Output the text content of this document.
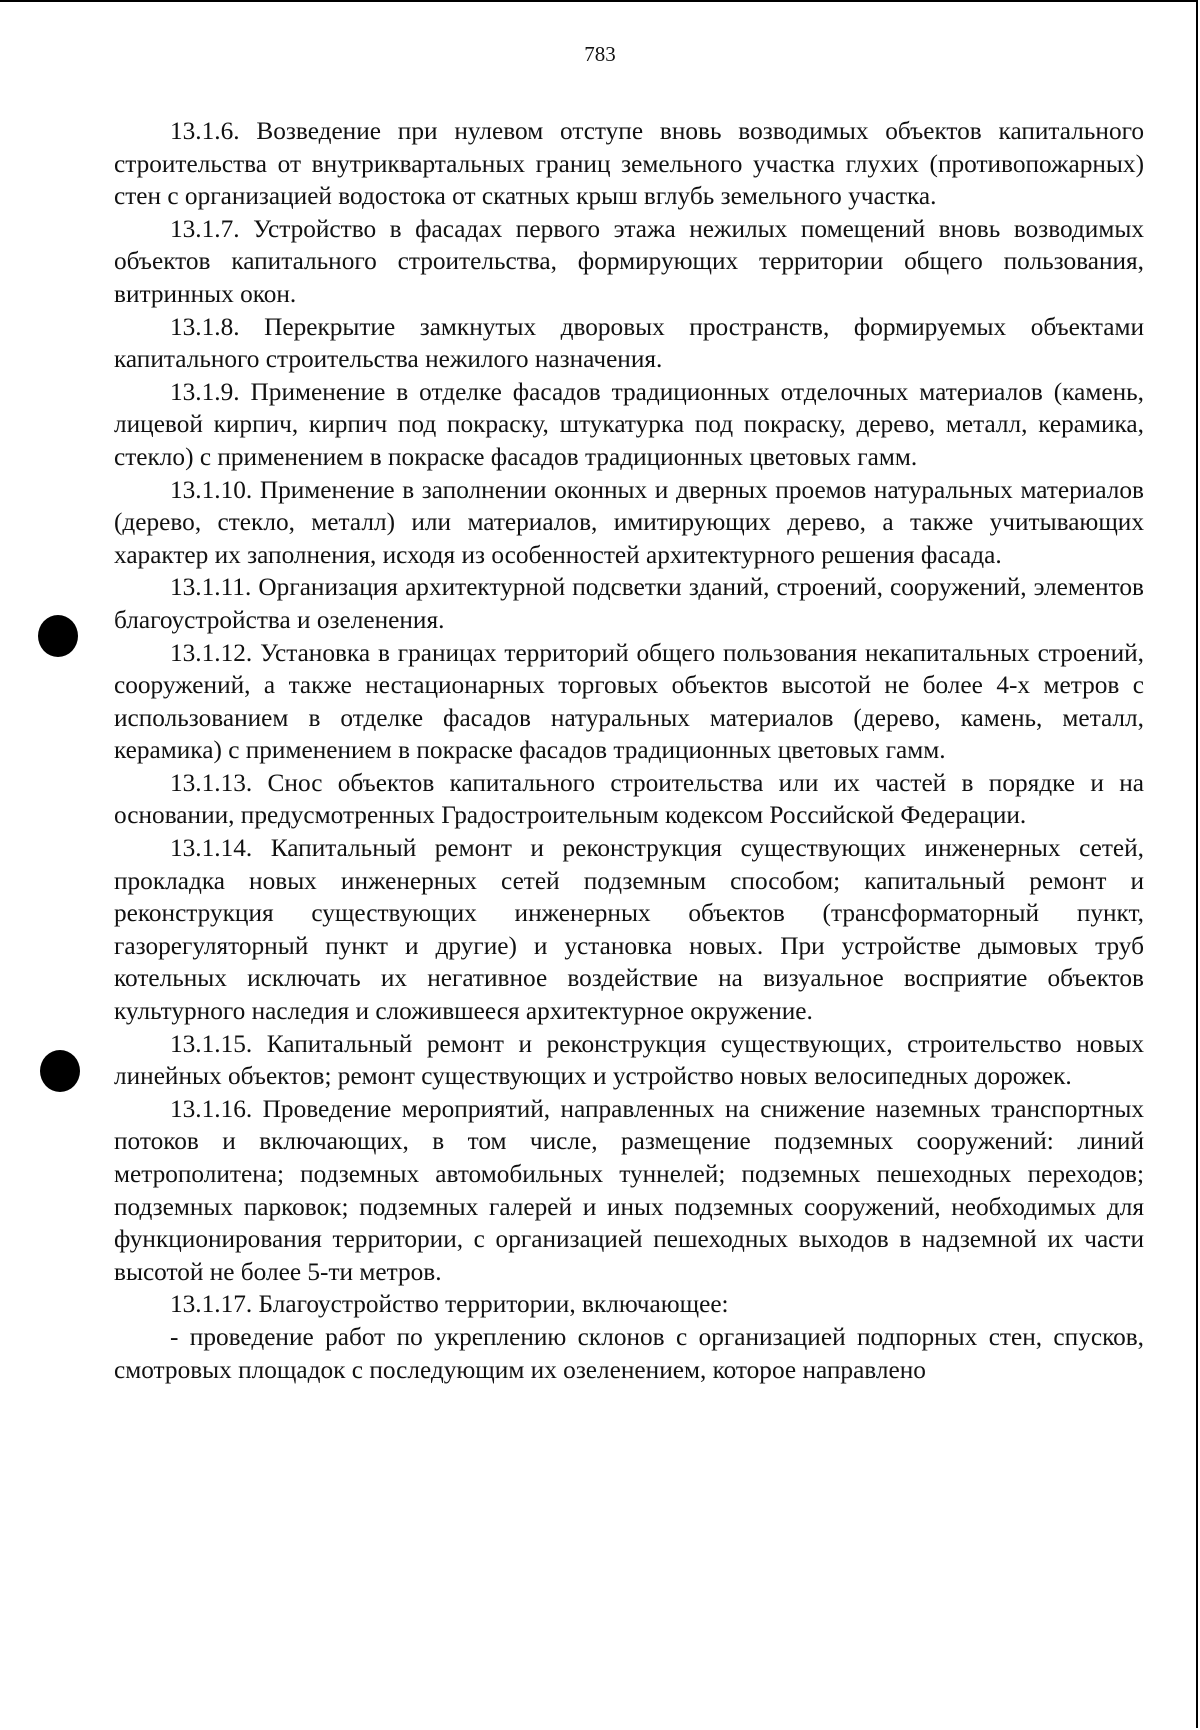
783

13.1.6. Возведение при нулевом отступе вновь возводимых объектов капитального строительства от внутриквартальных границ земельного участка глухих (противопожарных) стен с организацией водостока от скатных крыш вглубь земельного участка.

13.1.7. Устройство в фасадах первого этажа нежилых помещений вновь возводимых объектов капитального строительства, формирующих территории общего пользования, витринных окон.

13.1.8. Перекрытие замкнутых дворовых пространств, формируемых объектами капитального строительства нежилого назначения.

13.1.9. Применение в отделке фасадов традиционных отделочных материалов (камень, лицевой кирпич, кирпич под покраску, штукатурка под покраску, дерево, металл, керамика, стекло) с применением в покраске фасадов традиционных цветовых гамм.

13.1.10. Применение в заполнении оконных и дверных проемов натуральных материалов (дерево, стекло, металл) или материалов, имитирующих дерево, а также учитывающих характер их заполнения, исходя из особенностей архитектурного решения фасада.

13.1.11. Организация архитектурной подсветки зданий, строений, сооружений, элементов благоустройства и озеленения.

13.1.12. Установка в границах территорий общего пользования некапитальных строений, сооружений, а также нестационарных торговых объектов высотой не более 4-х метров с использованием в отделке фасадов натуральных материалов (дерево, камень, металл, керамика) с применением в покраске фасадов традиционных цветовых гамм.

13.1.13. Снос объектов капитального строительства или их частей в порядке и на основании, предусмотренных Градостроительным кодексом Российской Федерации.

13.1.14. Капитальный ремонт и реконструкция существующих инженерных сетей, прокладка новых инженерных сетей подземным способом; капитальный ремонт и реконструкция существующих инженерных объектов (трансформаторный пункт, газорегуляторный пункт и другие) и установка новых. При устройстве дымовых труб котельных исключать их негативное воздействие на визуальное восприятие объектов культурного наследия и сложившееся архитектурное окружение.

13.1.15. Капитальный ремонт и реконструкция существующих, строительство новых линейных объектов; ремонт существующих и устройство новых велосипедных дорожек.

13.1.16. Проведение мероприятий, направленных на снижение наземных транспортных потоков и включающих, в том числе, размещение подземных сооружений: линий метрополитена; подземных автомобильных туннелей; подземных пешеходных переходов; подземных парковок; подземных галерей и иных подземных сооружений, необходимых для функционирования территории, с организацией пешеходных выходов в надземной их части высотой не более 5-ти метров.

13.1.17. Благоустройство территории, включающее:

- проведение работ по укреплению склонов с организацией подпорных стен, спусков, смотровых площадок с последующим их озеленением, которое направлено
